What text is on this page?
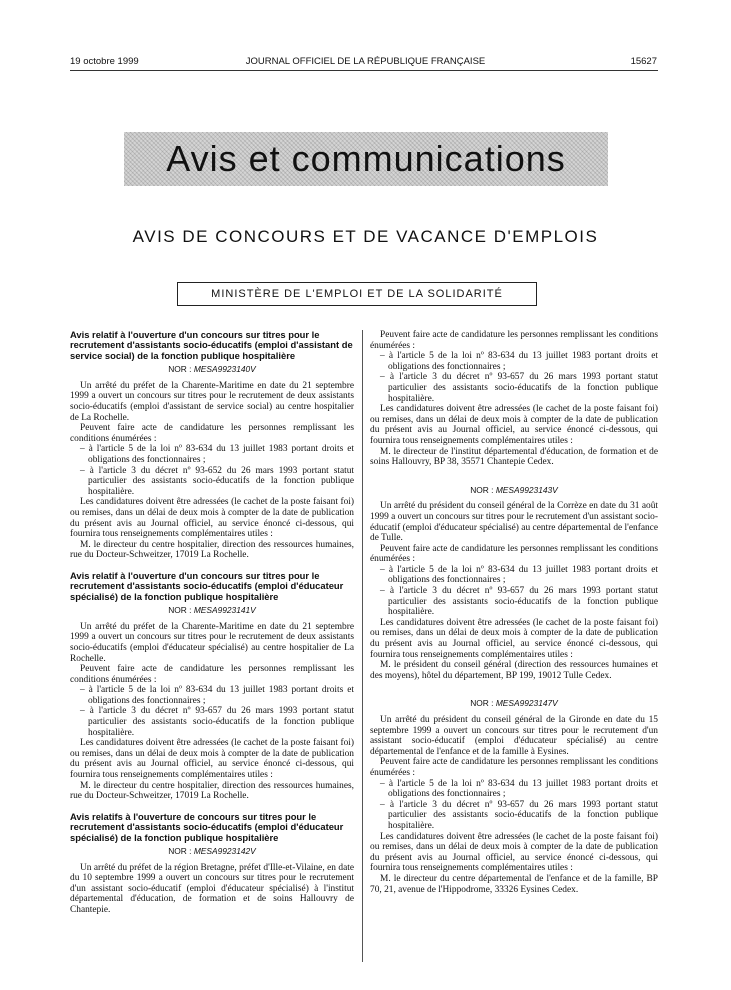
19 octobre 1999	JOURNAL OFFICIEL DE LA RÉPUBLIQUE FRANÇAISE	15627
Avis et communications
AVIS DE CONCOURS ET DE VACANCE D'EMPLOIS
MINISTÈRE DE L'EMPLOI ET DE LA SOLIDARITÉ
Avis relatif à l'ouverture d'un concours sur titres pour le recrutement d'assistants socio-éducatifs (emploi d'assistant de service social) de la fonction publique hospitalière
NOR : MESA9923140V

Un arrêté du préfet de la Charente-Maritime en date du 21 septembre 1999 a ouvert un concours sur titres pour le recrutement de deux assistants socio-éducatifs (emploi d'assistant de service social) au centre hospitalier de La Rochelle.

Peuvent faire acte de candidature les personnes remplissant les conditions énumérées :

– à l'article 5 de la loi nº 83-634 du 13 juillet 1983 portant droits et obligations des fonctionnaires ;
– à l'article 3 du décret nº 93-652 du 26 mars 1993 portant statut particulier des assistants socio-éducatifs de la fonction publique hospitalière.

Les candidatures doivent être adressées (le cachet de la poste faisant foi) ou remises, dans un délai de deux mois à compter de la date de publication du présent avis au Journal officiel, au service énoncé ci-dessous, qui fournira tous renseignements complémentaires utiles :

M. le directeur du centre hospitalier, direction des ressources humaines, rue du Docteur-Schweitzer, 17019 La Rochelle.

Avis relatif à l'ouverture d'un concours sur titres pour le recrutement d'assistants socio-éducatifs (emploi d'éducateur spécialisé) de la fonction publique hospitalière
NOR : MESA9923141V

Un arrêté du préfet de la Charente-Maritime en date du 21 septembre 1999 a ouvert un concours sur titres pour le recrutement de deux assistants socio-éducatifs (emploi d'éducateur spécialisé) au centre hospitalier de La Rochelle.

Peuvent faire acte de candidature les personnes remplissant les conditions énumérées :

– à l'article 5 de la loi nº 83-634 du 13 juillet 1983 portant droits et obligations des fonctionnaires ;
– à l'article 3 du décret nº 93-657 du 26 mars 1993 portant statut particulier des assistants socio-éducatifs de la fonction publique hospitalière.

Les candidatures doivent être adressées (le cachet de la poste faisant foi) ou remises, dans un délai de deux mois à compter de la date de publication du présent avis au Journal officiel, au service énoncé ci-dessous, qui fournira tous renseignements complémentaires utiles :

M. le directeur du centre hospitalier, direction des ressources humaines, rue du Docteur-Schweitzer, 17019 La Rochelle.

Avis relatifs à l'ouverture de concours sur titres pour le recrutement d'assistants socio-éducatifs (emploi d'éducateur spécialisé) de la fonction publique hospitalière
NOR : MESA9923142V

Un arrêté du préfet de la région Bretagne, préfet d'Ille-et-Vilaine, en date du 10 septembre 1999 a ouvert un concours sur titres pour le recrutement d'un assistant socio-éducatif (emploi d'éducateur spécialisé) à l'institut départemental d'éducation, de formation et de soins Hallouvry de Chantepie.

Peuvent faire acte de candidature les personnes remplissant les conditions énumérées :

– à l'article 5 de la loi nº 83-634 du 13 juillet 1983 portant droits et obligations des fonctionnaires ;
– à l'article 3 du décret nº 93-657 du 26 mars 1993 portant statut particulier des assistants socio-éducatifs de la fonction publique hospitalière.

Les candidatures doivent être adressées (le cachet de la poste faisant foi) ou remises, dans un délai de deux mois à compter de la date de publication du présent avis au Journal officiel, au service énoncé ci-dessous, qui fournira tous renseignements complémentaires utiles :

M. le directeur de l'institut départemental d'éducation, de formation et de soins Hallouvry, BP 38, 35571 Chantepie Cedex.

NOR : MESA9923143V

Un arrêté du président du conseil général de la Corrèze en date du 31 août 1999 a ouvert un concours sur titres pour le recrutement d'un assistant socio-éducatif (emploi d'éducateur spécialisé) au centre départemental de l'enfance de Tulle.

Peuvent faire acte de candidature les personnes remplissant les conditions énumérées :

– à l'article 5 de la loi nº 83-634 du 13 juillet 1983 portant droits et obligations des fonctionnaires ;
– à l'article 3 du décret nº 93-657 du 26 mars 1993 portant statut particulier des assistants socio-éducatifs de la fonction publique hospitalière.

Les candidatures doivent être adressées (le cachet de la poste faisant foi) ou remises, dans un délai de deux mois à compter de la date de publication du présent avis au Journal officiel, au service énoncé ci-dessous, qui fournira tous renseignements complémentaires utiles :

M. le président du conseil général (direction des ressources humaines et des moyens), hôtel du département, BP 199, 19012 Tulle Cedex.

NOR : MESA9923147V

Un arrêté du président du conseil général de la Gironde en date du 15 septembre 1999 a ouvert un concours sur titres pour le recrutement d'un assistant socio-éducatif (emploi d'éducateur spécialisé) au centre départemental de l'enfance et de la famille à Eysines.

Peuvent faire acte de candidature les personnes remplissant les conditions énumérées :

– à l'article 5 de la loi nº 83-634 du 13 juillet 1983 portant droits et obligations des fonctionnaires ;
– à l'article 3 du décret nº 93-657 du 26 mars 1993 portant statut particulier des assistants socio-éducatifs de la fonction publique hospitalière.

Les candidatures doivent être adressées (le cachet de la poste faisant foi) ou remises, dans un délai de deux mois à compter de la date de publication du présent avis au Journal officiel, au service énoncé ci-dessous, qui fournira tous renseignements complémentaires utiles :

M. le directeur du centre départemental de l'enfance et de la famille, BP 70, 21, avenue de l'Hippodrome, 33326 Eysines Cedex.
